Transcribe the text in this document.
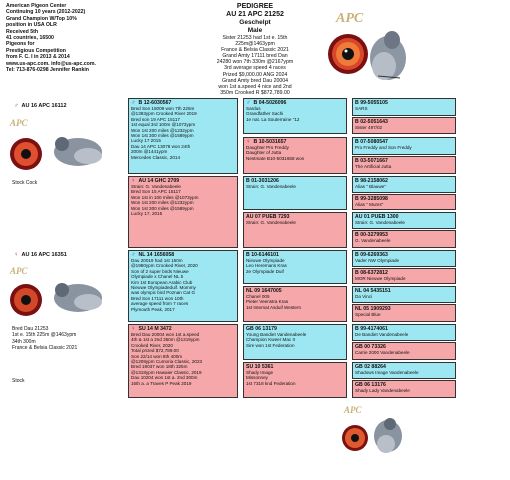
American Pigeon Center
Continuing 10 years (2012-2022)
Grand Champion W/Top 10%
position in USA OLR
Received 5th
41 countries, 16500
Pigeons for
Prestigious Competition
from F. C. I in 2013 & 2014
www.us-apc.com. info@us-apc.com.
Tel: 713-876-0298 Jennifer Rankin
PEDIGREE
AU 21 APC 21252
Geschelpt
Male
Sister 21253 had 1st e. 15th
225m@1463ypm
France & Belsia Classic 2021
Grand Amty 17111 bred Dan
24280 won 7th 330m @2167ypm
3rd average speed 4 races
Prized $9,000.00 ANG 2024
Grand Amty bred Dau 20004
won 1st a.speed 4 nice and 2nd
350m Crooked R $872,789.00
APC
♂ AU 16 APC 16112
APC
Stock Cock
♀ AU 16 APC 16351
APC
Bred Dau 21253
1st e. 15th 225m @1463ypm
34th 300m
France & Belsia Classic 2021
Stock
♂ B 12-6030567
Bred Son 15009 won 7th 225m
@1393ypm Crooked River 2019
Bred son 19 APC 15117
1st equal 3rd 100m @1073ypm
Won 1st 200 miles @1232ypm
Won 1st 300 miles @1589ypm
Lucky 17 2015
Dau 14 APC 13078 won 24th
200m @1441ypm
Mercedes Classic, 2014
♀ AU 14 GHC 2709
Strain: G. Vandenabeele
Bred Son 15 APC 15117
Won 1st in 100 miles @1073ypm
Won 1st 200 miles @1232ypm
Won 1st 300 miles @1589ypm
Lucky 17, 2015
♂ NL 14 1656058
Dau 20019 had 1st 150m
@1980ypm Crooked River, 2020
Son of 2 super birds Nieuwe
Olympiade x Chanel NL 5
Kim 1st European Arabic Club
Nieuwe Olympiadeduif. Mommy
was olympic bird Poznan Cat G
Bred Son 17111 won 10th
average speed from 7 races
Plymouth Peak, 2017
♀ SU 14 M 3472
Bred Dau 20004 won 1st a.speed
4th & 1st a 2nd 350m @1319ypm
Crooked River, 2020
Total prized $72,789.00
Son 22/14 won 8th 400m
@1208ypm Cumoria Classic, 2023
Bred 19037 won 18th 325m
@1318ypm Hawaier Classic, 2019
Dau 10204 won 1st a. 2nd 300m
16th a. a Traves P Peak 2019
♂ B 04-5026096
Sardus
Grandfather Sachi
1e nat. La Souterraine "12
♀ B 10-5031657
Daughter Pro Freddy
Daughter of Jutta
Nestmate B10-5031658 won
B 01-3031206
Strain: G. Vandenabeele
AU 07 PUEB 7293
Strain: G. Vandenabeele
B 10-6146101
Nieuwe Olympiade
Leo Heremans Kras
2e Olympiade Duif
NL 09 1647005
Chanel 005
Pieter Veenstra Kras
1st Internat Asduif Western
GB 06 13179
Young Bandiet Vandenabeele
Champion Kweer Mac II
Sire won 1st Federation
SU 10 5361
Shady Image
Missonney
1st 7318 knd Federation
B 99-5055105
SARS
B 02-5051643
Sister 497/02
B 07-5080547
Pro Freddy and Son Freddy
B 03-5071667
The Artificial Jutta
B 98-2158062
Alias " Blauwe"
B 99-3285098
Alias " Mums"
AU 01 PUEB 1300
Strain: G. Vandenabeele
B 00-3279953
G. Vandenabeele
B 09-6269363
Vader NW Olympiade
B 08-6372812
MOR Nieuwe Olympiade
NL 04 5435151
Da Vinci
NL 05 1909293
Special Blue
B 99-4174061
De Bandiet Vandenabeele
GB 00 73326
Carrie 2000 Vandenabeele
GB 02 88264
Shadows Image Vandenabeele
GB 06 13176
Shady Lady Vandenabeele
APC
